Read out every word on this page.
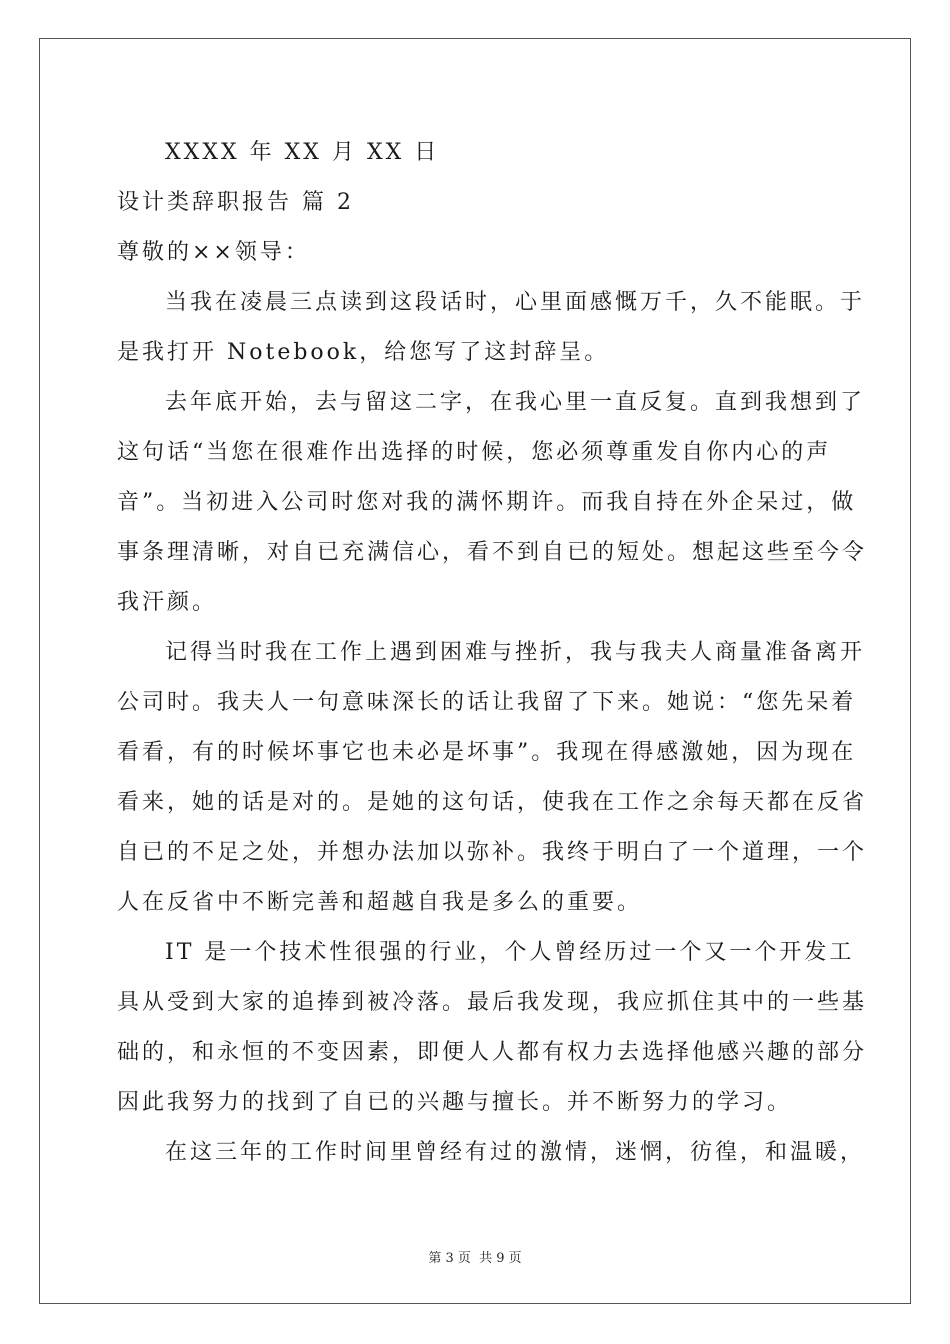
XXXX 年 XX 月 XX 日
设计类辞职报告 篇 2
尊敬的××领导：
当我在凌晨三点读到这段话时，心里面感慨万千，久不能眠。于
是我打开 Notebook，给您写了这封辞呈。
去年底开始，去与留这二字，在我心里一直反复。直到我想到了
这句话“当您在很难作出选择的时候，您必须尊重发自你内心的声
音”。当初进入公司时您对我的满怀期许。而我自持在外企呆过，做
事条理清晰，对自已充满信心，看不到自已的短处。想起这些至今令
我汗颜。
记得当时我在工作上遇到困难与挫折，我与我夫人商量准备离开
公司时。我夫人一句意味深长的话让我留了下来。她说：“您先呆着
看看，有的时候坏事它也未必是坏事”。我现在得感激她，因为现在
看来，她的话是对的。是她的这句话，使我在工作之余每天都在反省
自已的不足之处，并想办法加以弥补。我终于明白了一个道理，一个
人在反省中不断完善和超越自我是多么的重要。
IT 是一个技术性很强的行业，个人曾经历过一个又一个开发工
具从受到大家的追捧到被冷落。最后我发现，我应抓住其中的一些基
础的，和永恒的不变因素，即便人人都有权力去选择他感兴趣的部分
因此我努力的找到了自已的兴趣与擅长。并不断努力的学习。
在这三年的工作时间里曾经有过的激情，迷惘，彷徨，和温暖，
第 3 页 共 9 页
